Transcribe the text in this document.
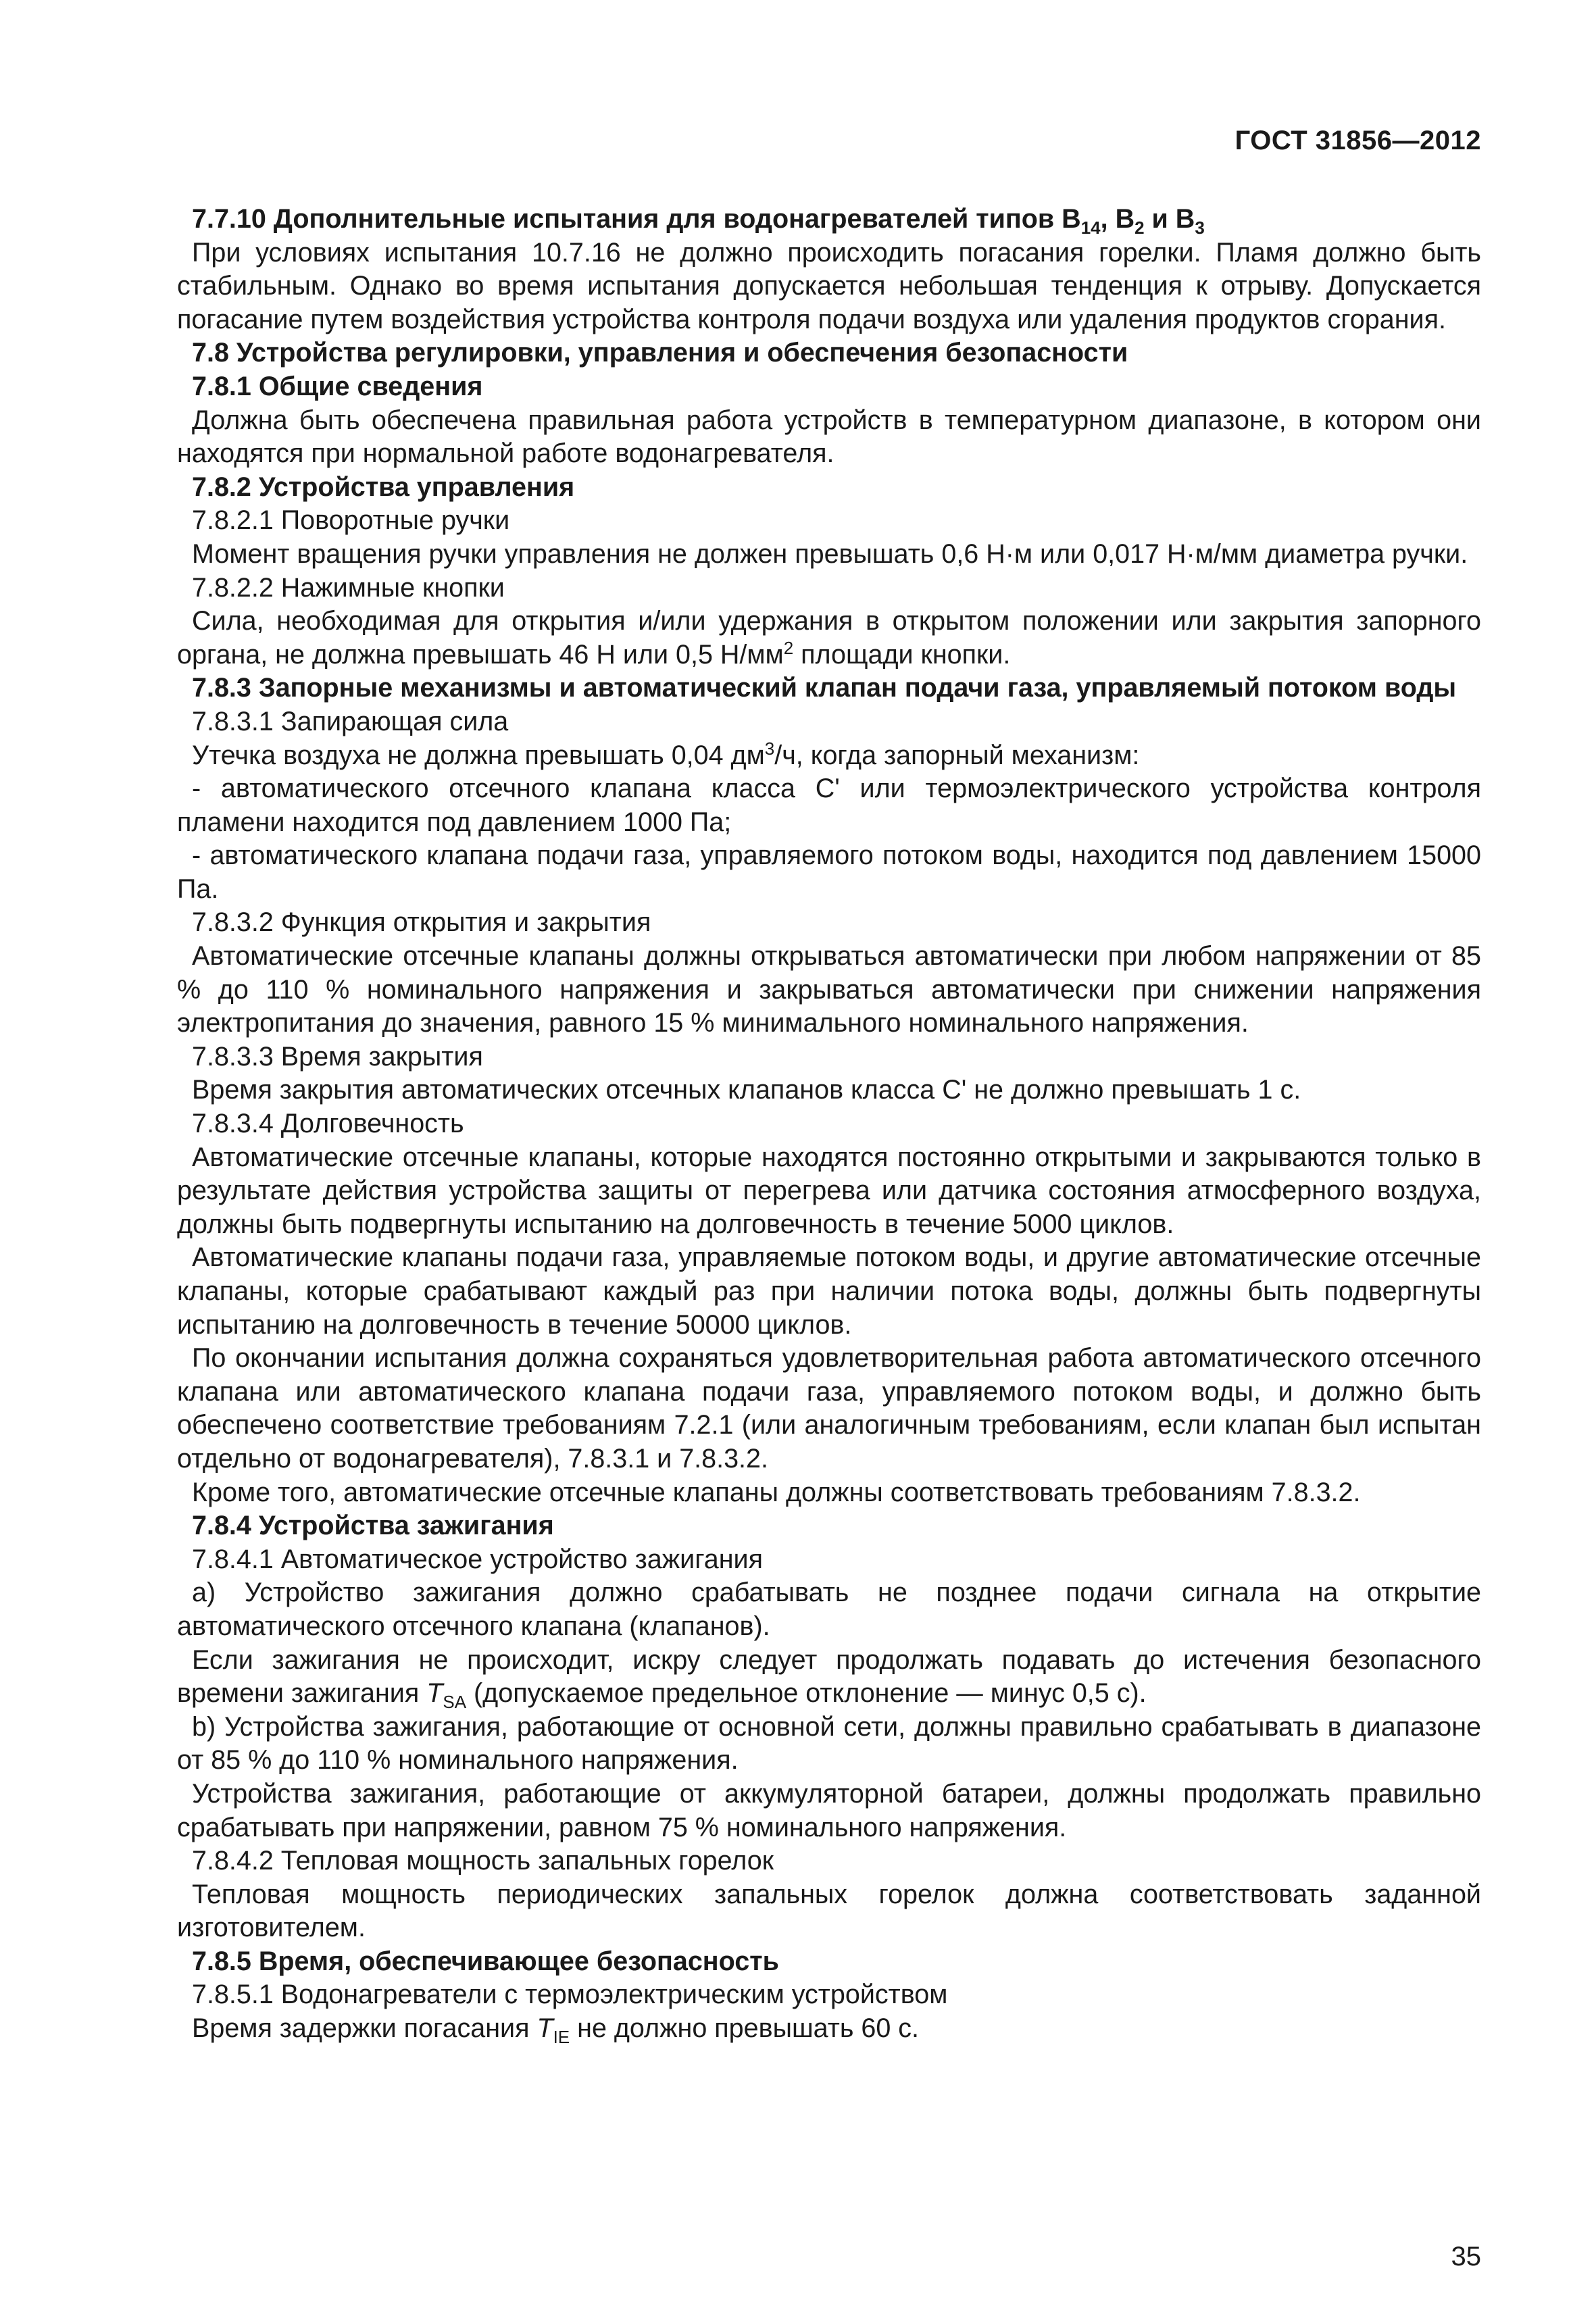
ГОСТ 31856—2012

7.7.10 Дополнительные испытания для водонагревателей типов $B_{14}$, $B_2$ и $B_3$

При условиях испытания 10.7.16 не должно происходить погасания горелки. Пламя должно быть стабильным. Однако во время испытания допускается небольшая тенденция к отрыву. Допускается погасание путем воздействия устройства контроля подачи воздуха или удаления продуктов сгорания.

7.8 Устройства регулировки, управления и обеспечения безопасности

7.8.1 Общие сведения

Должна быть обеспечена правильная работа устройств в температурном диапазоне, в котором они находятся при нормальной работе водонагревателя.

7.8.2 Устройства управления

7.8.2.1 Поворотные ручки

Момент вращения ручки управления не должен превышать 0,6 Н·м или 0,017 Н·м/мм диаметра ручки.

7.8.2.2 Нажимные кнопки

Сила, необходимая для открытия и/или удержания в открытом положении или закрытия запорного органа, не должна превышать 46 Н или 0,5 $Н/мм^2$ площади кнопки.

7.8.3 Запорные механизмы и автоматический клапан подачи газа, управляемый потоком воды

7.8.3.1 Запирающая сила

Утечка воздуха не должна превышать 0,04 $дм^3/ч$, когда запорный механизм:

- автоматического отсечного клапана класса C' или термоэлектрического устройства контроля пламени находится под давлением 1000 Па;

- автоматического клапана подачи газа, управляемого потоком воды, находится под давлением 15000 Па.

7.8.3.2 Функция открытия и закрытия

Автоматические отсечные клапаны должны открываться автоматически при любом напряжении от 85 % до 110 % номинального напряжения и закрываться автоматически при снижении напряжения электропитания до значения, равного 15 % минимального номинального напряжения.

7.8.3.3 Время закрытия

Время закрытия автоматических отсечных клапанов класса C' не должно превышать 1 с.

7.8.3.4 Долговечность

Автоматические отсечные клапаны, которые находятся постоянно открытыми и закрываются только в результате действия устройства защиты от перегрева или датчика состояния атмосферного воздуха, должны быть подвергнуты испытанию на долговечность в течение 5000 циклов.

Автоматические клапаны подачи газа, управляемые потоком воды, и другие автоматические отсечные клапаны, которые срабатывают каждый раз при наличии потока воды, должны быть подвергнуты испытанию на долговечность в течение 50000 циклов.

По окончании испытания должна сохраняться удовлетворительная работа автоматического отсечного клапана или автоматического клапана подачи газа, управляемого потоком воды, и должно быть обеспечено соответствие требованиям 7.2.1 (или аналогичным требованиям, если клапан был испытан отдельно от водонагревателя), 7.8.3.1 и 7.8.3.2.

Кроме того, автоматические отсечные клапаны должны соответствовать требованиям 7.8.3.2.

7.8.4 Устройства зажигания

7.8.4.1 Автоматическое устройство зажигания

a) Устройство зажигания должно срабатывать не позднее подачи сигнала на открытие автоматического отсечного клапана (клапанов).

Если зажигания не происходит, искру следует продолжать подавать до истечения безопасного времени зажигания $T_{SA}$ (допускаемое предельное отклонение — минус 0,5 с).

b) Устройства зажигания, работающие от основной сети, должны правильно срабатывать в диапазоне от 85 % до 110 % номинального напряжения.

Устройства зажигания, работающие от аккумуляторной батареи, должны продолжать правильно срабатывать при напряжении, равном 75 % номинального напряжения.

7.8.4.2 Тепловая мощность запальных горелок

Тепловая мощность периодических запальных горелок должна соответствовать заданной изготовителем.

7.8.5 Время, обеспечивающее безопасность

7.8.5.1 Водонагреватели с термоэлектрическим устройством

Время задержки погасания $T_{IE}$ не должно превышать 60 с.

35
